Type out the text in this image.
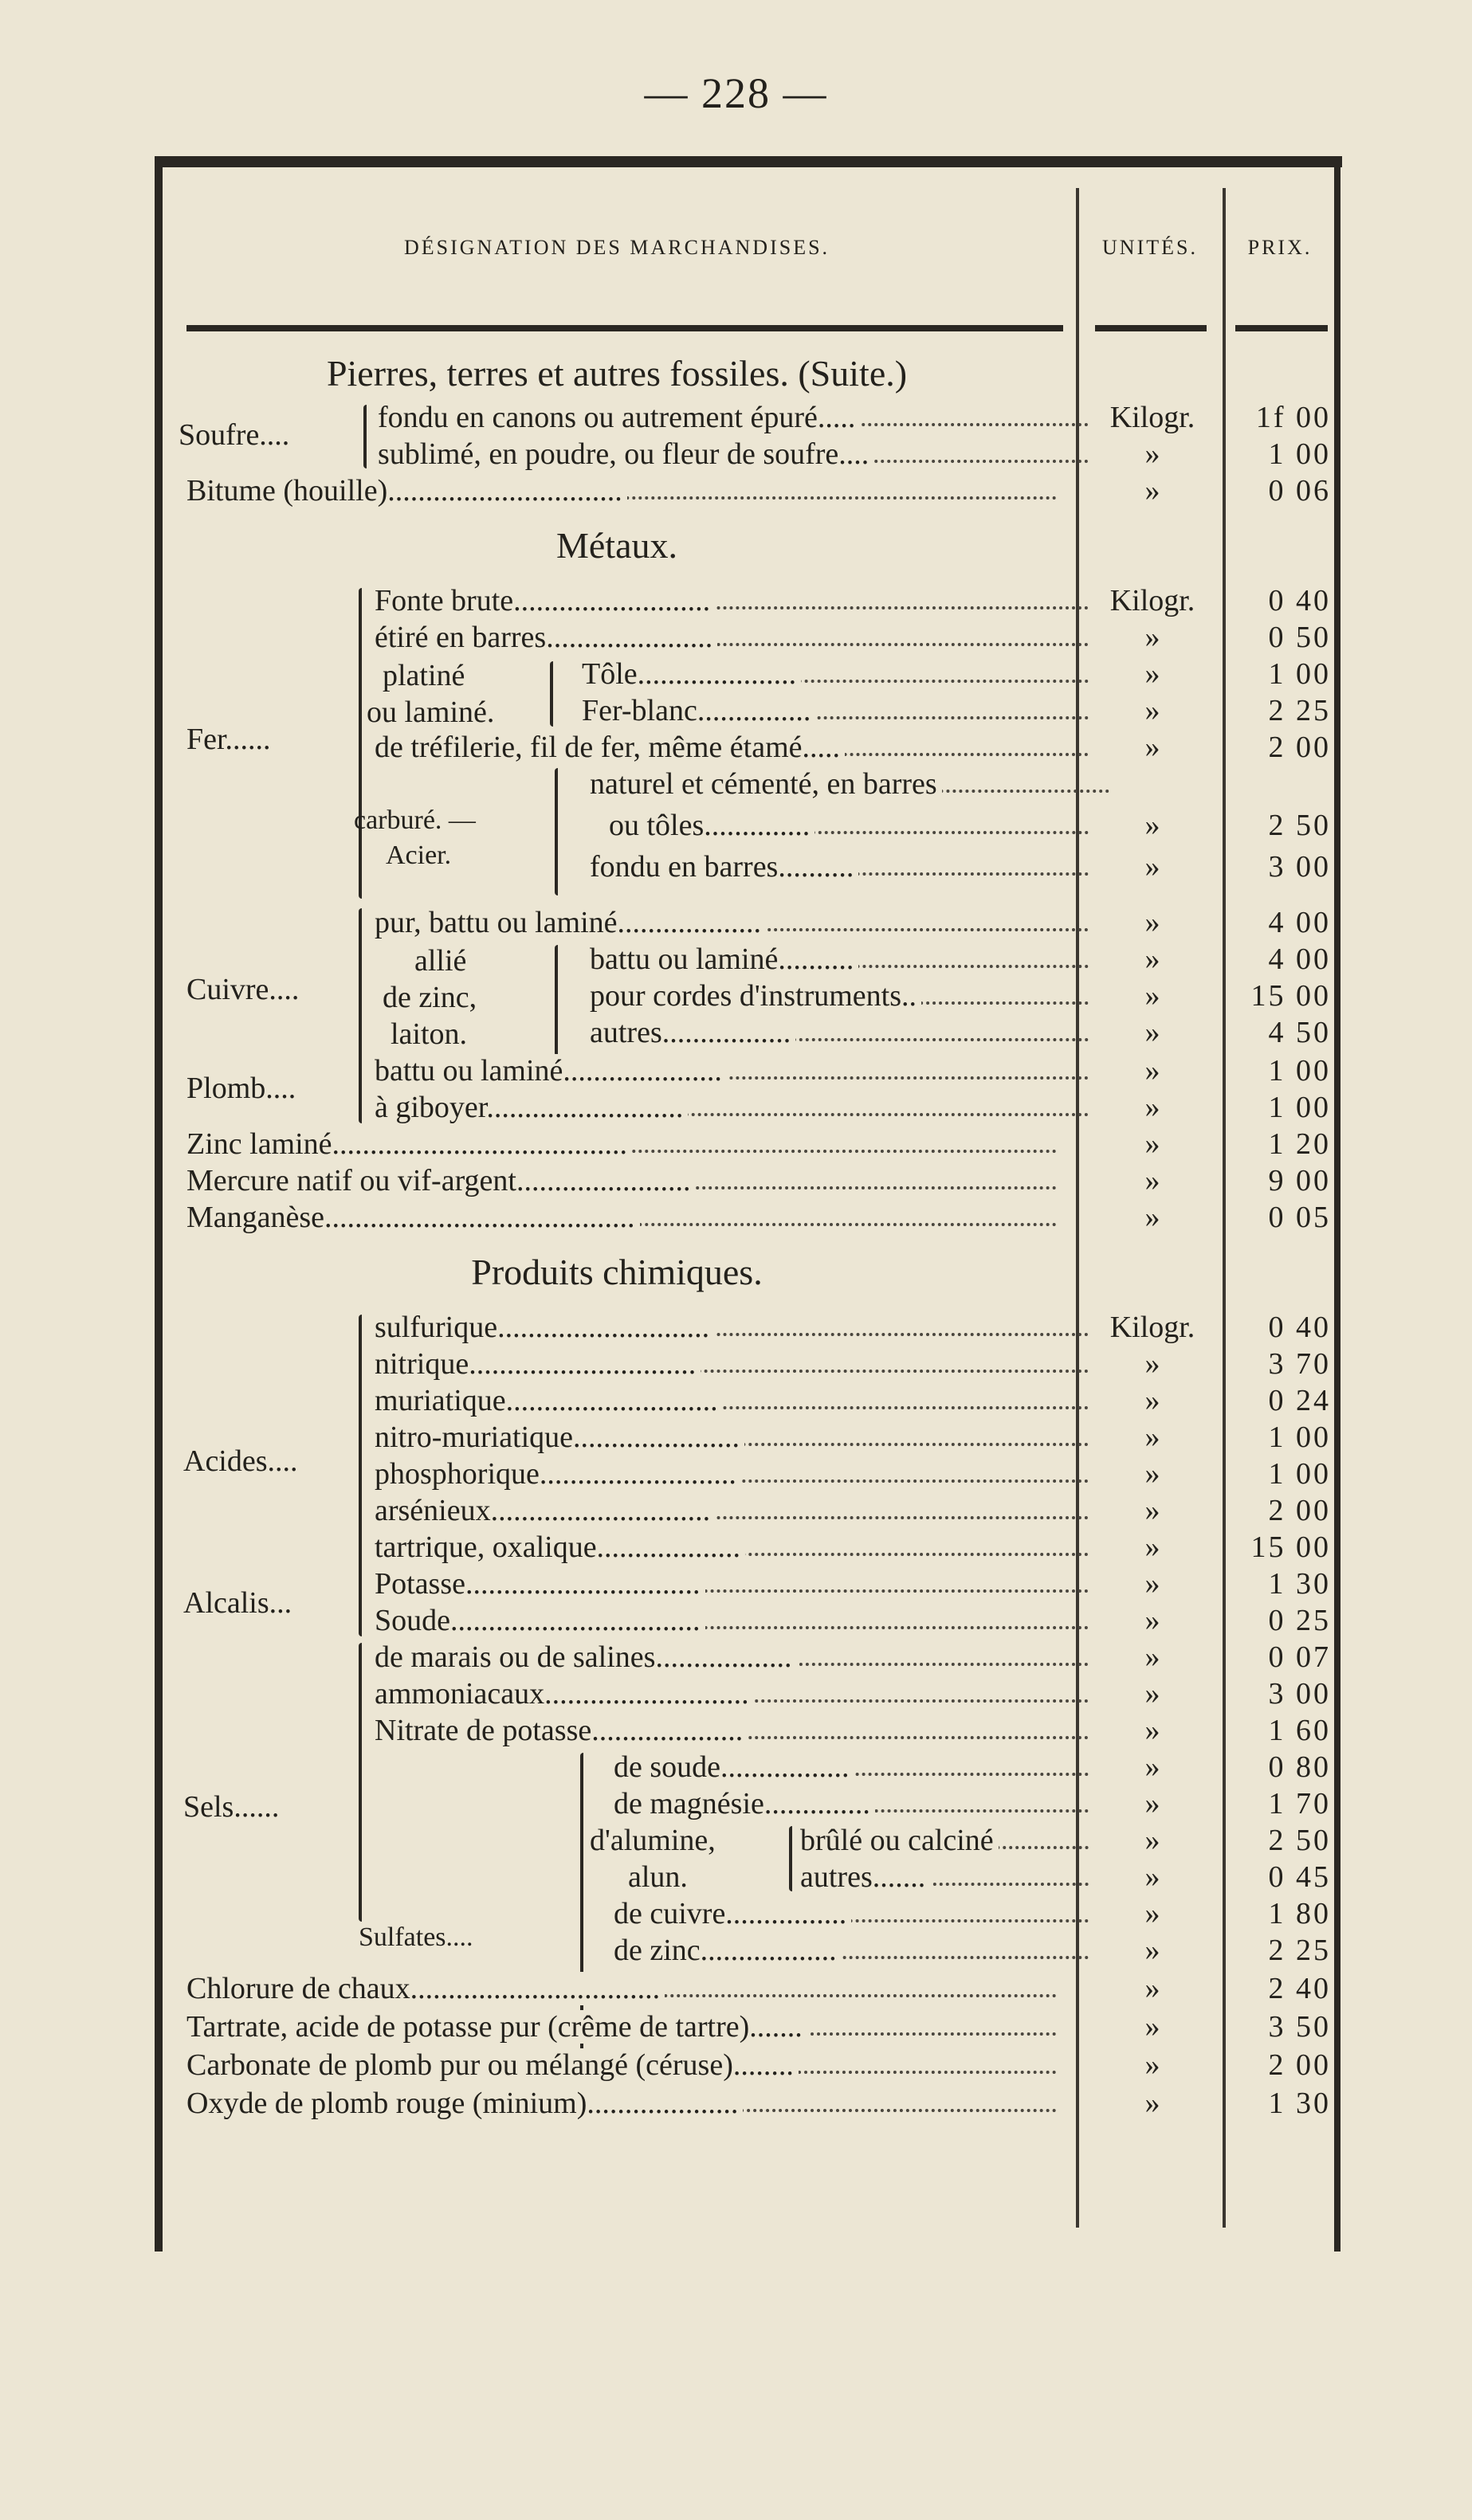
— 228 —
DÉSIGNATION DES MARCHANDISES.	UNITÉS.	PRIX.
Pierres, terres et autres fossiles. (Suite.)
Soufre....
fondu en canons ou autrement épuré.....	Kilogr.	1f 00
sublimé, en poudre, ou fleur de soufre....	»	1 00
Bitume (houille)...............................	»	0 06
Métaux.
Fer......
Fonte brute..........................	Kilogr.	0 40
étiré en barres......................	»	0 50
platiné
ou laminé.
Tôle.....................	»	1 00
Fer-blanc...............	»	2 25
de tréfilerie, fil de fer, même étamé.....	»	2 00
carburé. —
Acier.
naturel et cémenté, en barres
ou tôles..............	»	2 50
fondu en barres..........	»	3 00
Cuivre....
pur, battu ou laminé...................	»	4 00
allié
de zinc,
laiton.
battu ou laminé..........	»	4 00
pour cordes d'instruments..	»	15 00
autres.................	»	4 50
Plomb....
battu ou laminé.....................	»	1 00
à giboyer..........................	»	1 00
Zinc laminé.......................................	»	1 20
Mercure natif ou vif-argent.......................	»	9 00
Manganèse.........................................	»	0 05
Produits chimiques.
Acides....
sulfurique............................	Kilogr.	0 40
nitrique..............................	»	3 70
muriatique............................	»	0 24
nitro-muriatique......................	»	1 00
phosphorique..........................	»	1 00
arsénieux.............................	»	2 00
tartrique, oxalique...................	»	15 00
Alcalis...
Potasse...............................	»	1 30
Soude.................................	»	0 25
Sels......
de marais ou de salines..................	»	0 07
ammoniacaux...........................	»	3 00
Nitrate de potasse....................	»	1 60
Sulfates....
de soude.................	»	0 80
de magnésie..............	»	1 70
d'alumine,
alun.
brûlé ou calciné	»	2 50
autres.......	»	0 45
de cuivre................	»	1 80
de zinc..................	»	2 25
Chlorure de chaux.................................	»	2 40
Tartrate, acide de potasse pur (crême de tartre).......	»	3 50
Carbonate de plomb pur ou mélangé (céruse)........	»	2 00
Oxyde de plomb rouge (minium)....................	»	1 30
